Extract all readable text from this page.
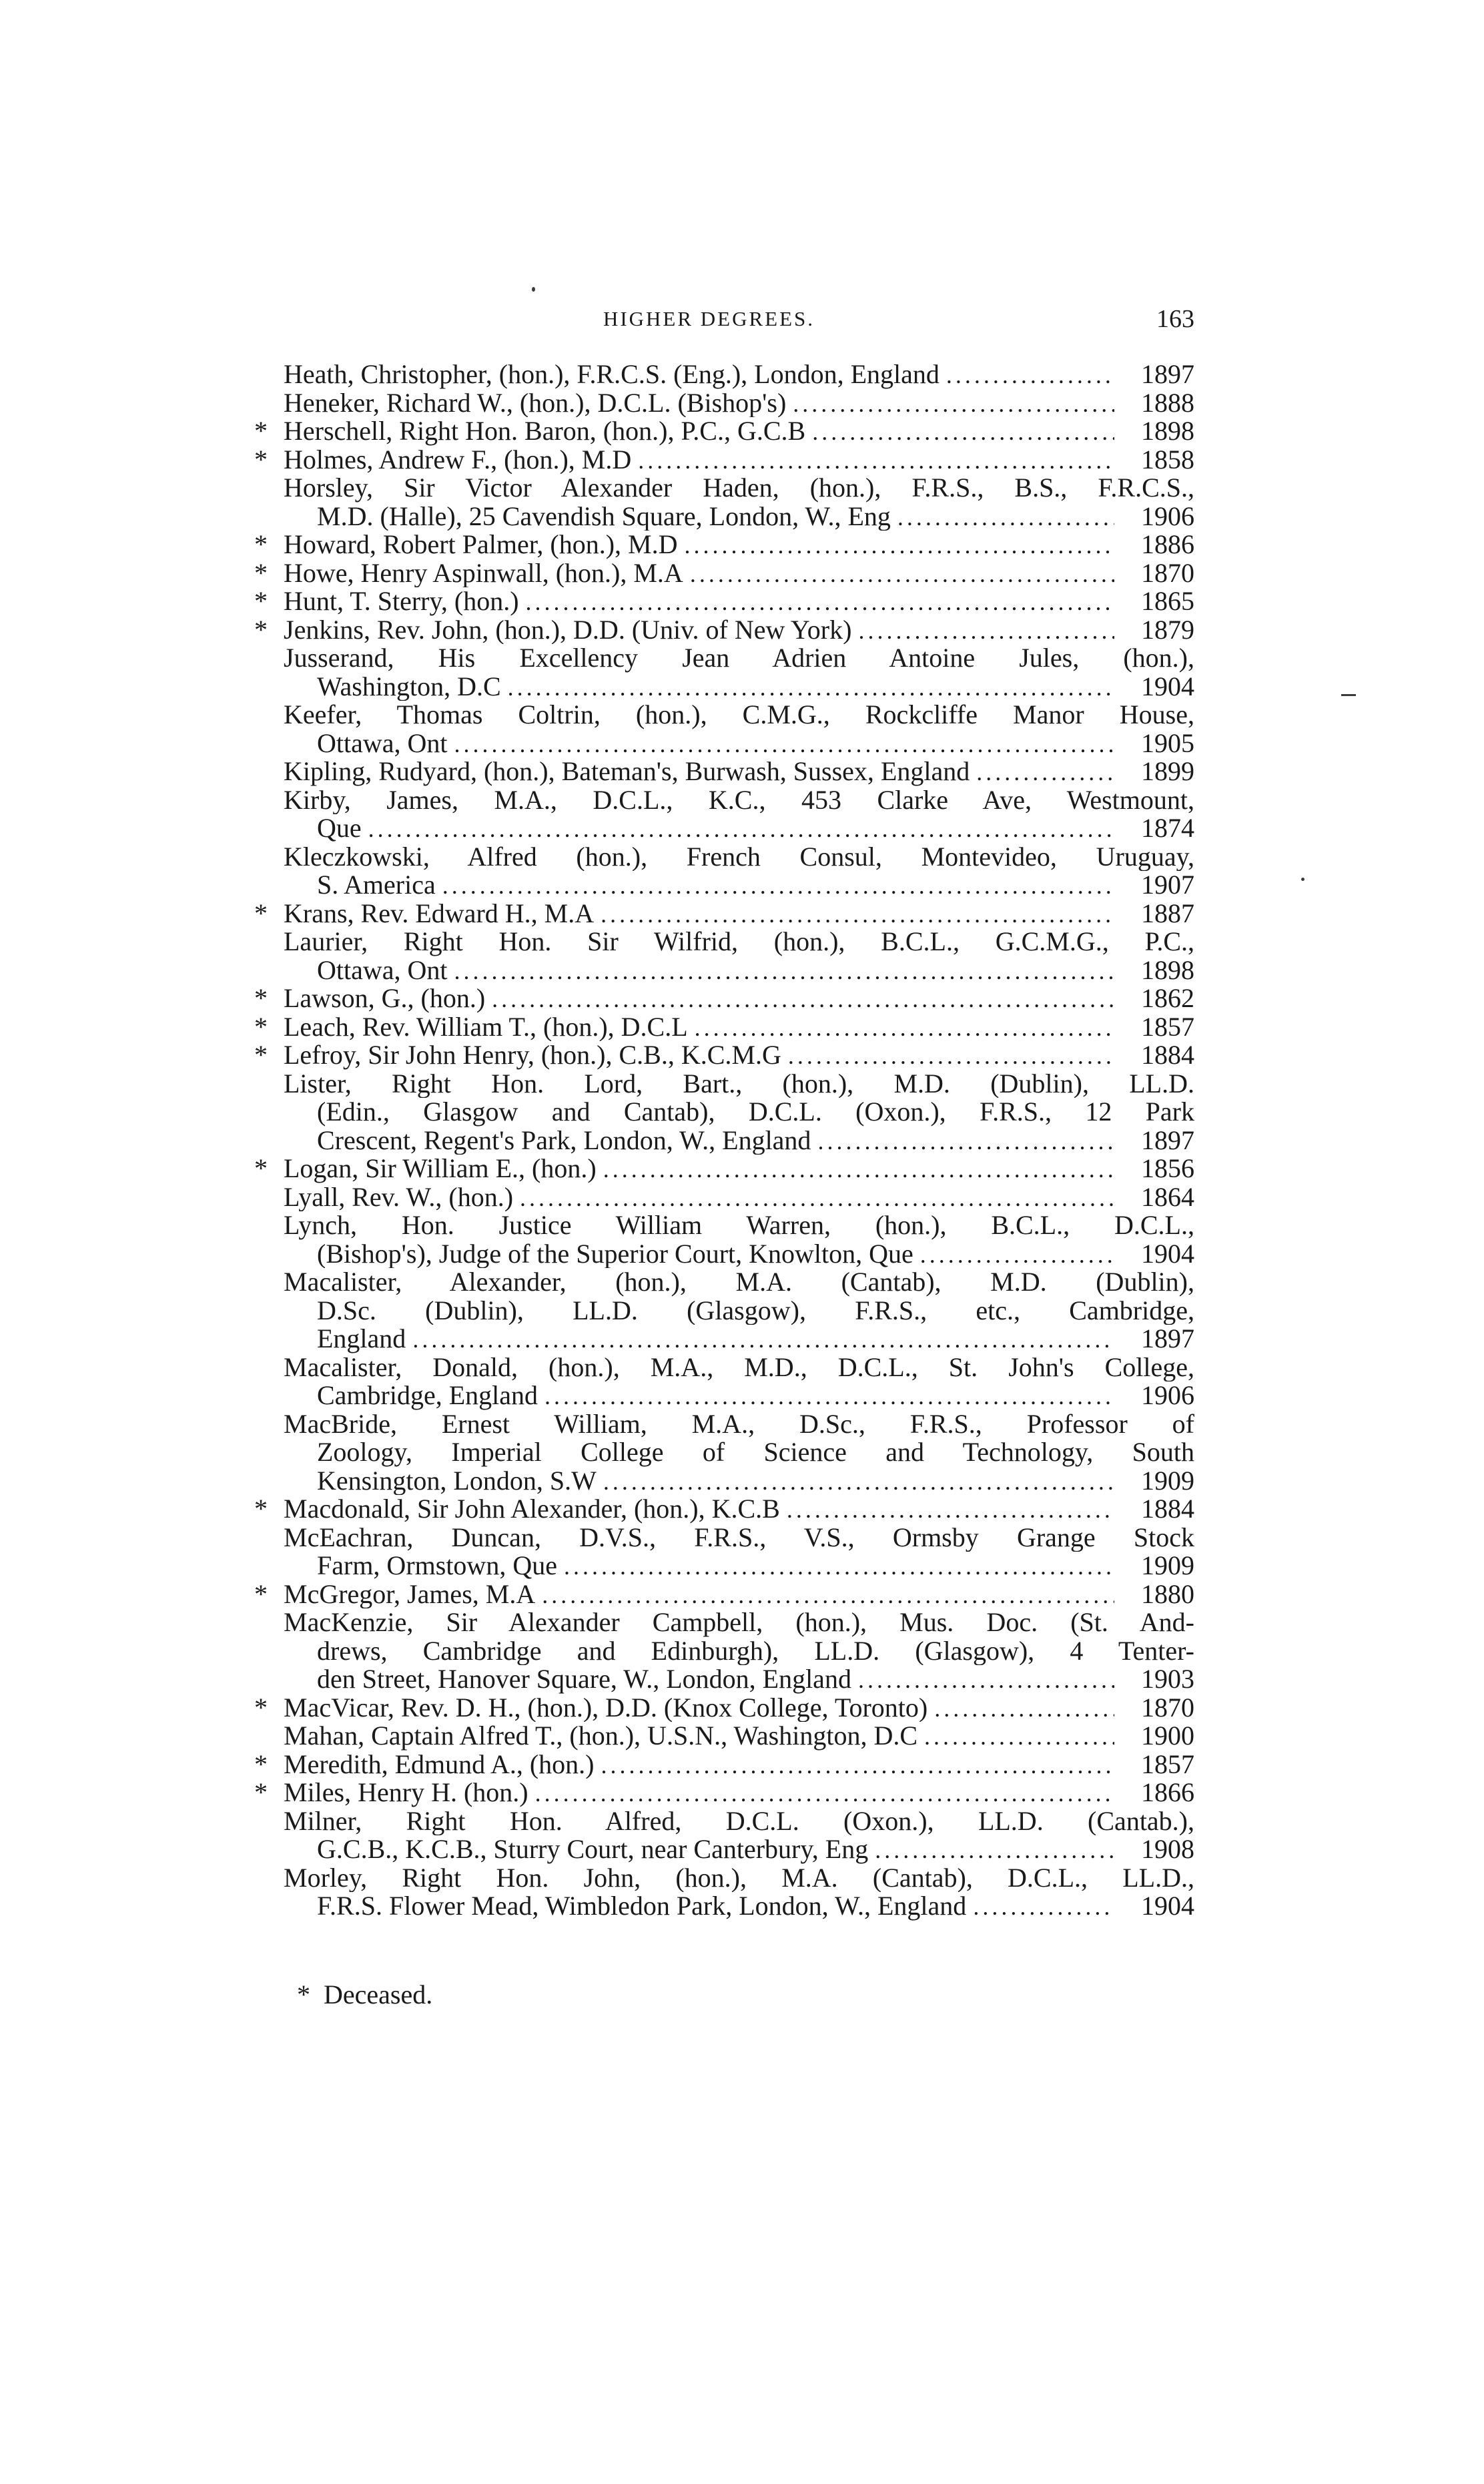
HIGHER DEGREES.	163
Heath, Christopher, (hon.), F.R.C.S. (Eng.), London, England .....	1897
Heneker, Richard W., (hon.), D.C.L. (Bishop's) .....	1888
* Herschell, Right Hon. Baron, (hon.), P.C., G.C.B .....	1898
* Holmes, Andrew F., (hon.), M.D .....	1858
Horsley, Sir Victor Alexander Haden, (hon.), F.R.S., B.S., F.R.C.S.,
M.D. (Halle), 25 Cavendish Square, London, W., Eng .....	1906
* Howard, Robert Palmer, (hon.), M.D .....	1886
* Howe, Henry Aspinwall, (hon.), M.A .....	1870
* Hunt, T. Sterry, (hon.) .....	1865
* Jenkins, Rev. John, (hon.), D.D. (Univ. of New York) .....	1879
Jusserand, His Excellency Jean Adrien Antoine Jules, (hon.),
Washington, D.C .....	1904
Keefer, Thomas Coltrin, (hon.), C.M.G., Rockcliffe Manor House,
Ottawa, Ont .....	1905
Kipling, Rudyard, (hon.), Bateman's, Burwash, Sussex, England .....	1899
Kirby, James, M.A., D.C.L., K.C., 453 Clarke Ave, Westmount,
Que .....	1874
Kleczkowski, Alfred (hon.), French Consul, Montevideo, Uruguay,
S. America .....	1907
* Krans, Rev. Edward H., M.A .....	1887
Laurier, Right Hon. Sir Wilfrid, (hon.), B.C.L., G.C.M.G., P.C.,
Ottawa, Ont .....	1898
* Lawson, G., (hon.) .....	1862
* Leach, Rev. William T., (hon.), D.C.L .....	1857
* Lefroy, Sir John Henry, (hon.), C.B., K.C.M.G .....	1884
Lister, Right Hon. Lord, Bart., (hon.), M.D. (Dublin), LL.D.
(Edin., Glasgow and Cantab), D.C.L. (Oxon.), F.R.S., 12 Park
Crescent, Regent's Park, London, W., England .....	1897
* Logan, Sir William E., (hon.) .....	1856
Lyall, Rev. W., (hon.) .....	1864
Lynch, Hon. Justice William Warren, (hon.), B.C.L., D.C.L.,
(Bishop's), Judge of the Superior Court, Knowlton, Que .....	1904
Macalister, Alexander, (hon.), M.A. (Cantab), M.D. (Dublin),
D.Sc. (Dublin), LL.D. (Glasgow), F.R.S., etc., Cambridge,
England .....	1897
Macalister, Donald, (hon.), M.A., M.D., D.C.L., St. John's College,
Cambridge, England .....	1906
MacBride, Ernest William, M.A., D.Sc., F.R.S., Professor of
Zoology, Imperial College of Science and Technology, South
Kensington, London, S.W .....	1909
* Macdonald, Sir John Alexander, (hon.), K.C.B .....	1884
McEachran, Duncan, D.V.S., F.R.S., V.S., Ormsby Grange Stock
Farm, Ormstown, Que .....	1909
* McGregor, James, M.A .....	1880
MacKenzie, Sir Alexander Campbell, (hon.), Mus. Doc. (St. And-
drews, Cambridge and Edinburgh), LL.D. (Glasgow), 4 Tenter-
den Street, Hanover Square, W., London, England .....	1903
* MacVicar, Rev. D. H., (hon.), D.D. (Knox College, Toronto) .....	1870
Mahan, Captain Alfred T., (hon.), U.S.N., Washington, D.C .....	1900
* Meredith, Edmund A., (hon.) .....	1857
* Miles, Henry H. (hon.) .....	1866
Milner, Right Hon. Alfred, D.C.L. (Oxon.), LL.D. (Cantab.),
G.C.B., K.C.B., Sturry Court, near Canterbury, Eng .....	1908
Morley, Right Hon. John, (hon.), M.A. (Cantab), D.C.L., LL.D.,
F.R.S. Flower Mead, Wimbledon Park, London, W., England .....	1904
* Deceased.
